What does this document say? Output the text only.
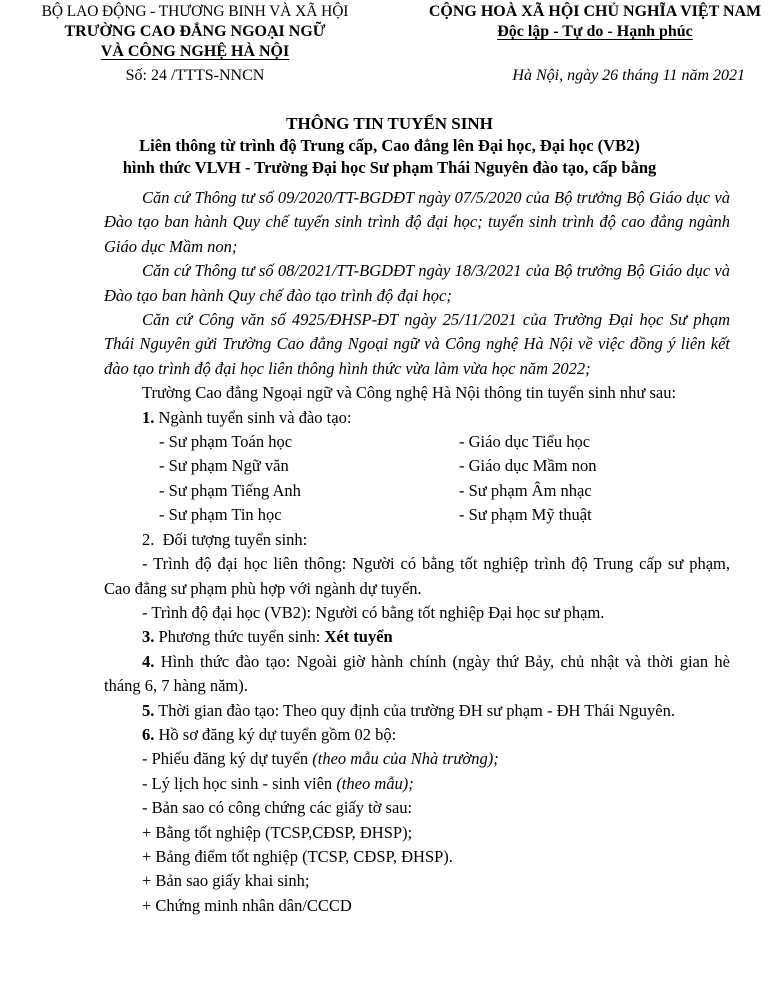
BỘ LAO ĐỘNG - THƯƠNG BINH VÀ XÃ HỘI
TRƯỜNG CAO ĐẲNG NGOẠI NGỮ
VÀ CÔNG NGHỆ HÀ NỘI
CỘNG HOÀ XÃ HỘI CHỦ NGHĨA VIỆT NAM
Độc lập - Tự do - Hạnh phúc
Số: 24 /TTTS-NNCN	Hà Nội, ngày 26 tháng 11 năm 2021
THÔNG TIN TUYỂN SINH
Liên thông từ trình độ Trung cấp, Cao đẳng lên Đại học, Đại học (VB2)
hình thức VLVH - Trường Đại học Sư phạm Thái Nguyên đào tạo, cấp bằng

Căn cứ Thông tư số 09/2020/TT-BGDĐT ngày 07/5/2020 của Bộ trưởng Bộ Giáo dục và Đào tạo ban hành Quy chế tuyển sinh trình độ đại học; tuyển sinh trình độ cao đẳng ngành Giáo dục Mầm non;

Căn cứ Thông tư số 08/2021/TT-BGDĐT ngày 18/3/2021 của Bộ trưởng Bộ Giáo dục và Đào tạo ban hành Quy chế đào tạo trình độ đại học;

Căn cứ Công văn số 4925/ĐHSP-ĐT ngày 25/11/2021 của Trường Đại học Sư phạm Thái Nguyên gửi Trường Cao đẳng Ngoại ngữ và Công nghệ Hà Nội về việc đồng ý liên kết đào tạo trình độ đại học liên thông hình thức vừa làm vừa học năm 2022;

Trường Cao đẳng Ngoại ngữ và Công nghệ Hà Nội thông tin tuyển sinh như sau:

1. Ngành tuyển sinh và đào tạo:

- Sư phạm Toán học	- Giáo dục Tiểu học
- Sư phạm Ngữ văn	- Giáo dục Mầm non
- Sư phạm Tiếng Anh	- Sư phạm Âm nhạc
- Sư phạm Tin học	- Sư phạm Mỹ thuật

2. Đối tượng tuyển sinh:

- Trình độ đại học liên thông: Người có bằng tốt nghiệp trình độ Trung cấp sư phạm, Cao đẳng sư phạm phù hợp với ngành dự tuyển.

- Trình độ đại học (VB2): Người có bằng tốt nghiệp Đại học sư phạm.

3. Phương thức tuyển sinh: Xét tuyển

4. Hình thức đào tạo: Ngoài giờ hành chính (ngày thứ Bảy, chủ nhật và thời gian hè tháng 6, 7 hàng năm).

5. Thời gian đào tạo: Theo quy định của trường ĐH sư phạm - ĐH Thái Nguyên.

6. Hồ sơ đăng ký dự tuyển gồm 02 bộ:

- Phiếu đăng ký dự tuyển (theo mẫu của Nhà trường);

- Lý lịch học sinh - sinh viên (theo mẫu);

- Bản sao có công chứng các giấy tờ sau:

+ Bằng tốt nghiệp (TCSP,CĐSP, ĐHSP);

+ Bảng điểm tốt nghiệp (TCSP, CĐSP, ĐHSP).

+ Bản sao giấy khai sinh;

+ Chứng minh nhân dân/CCCD
